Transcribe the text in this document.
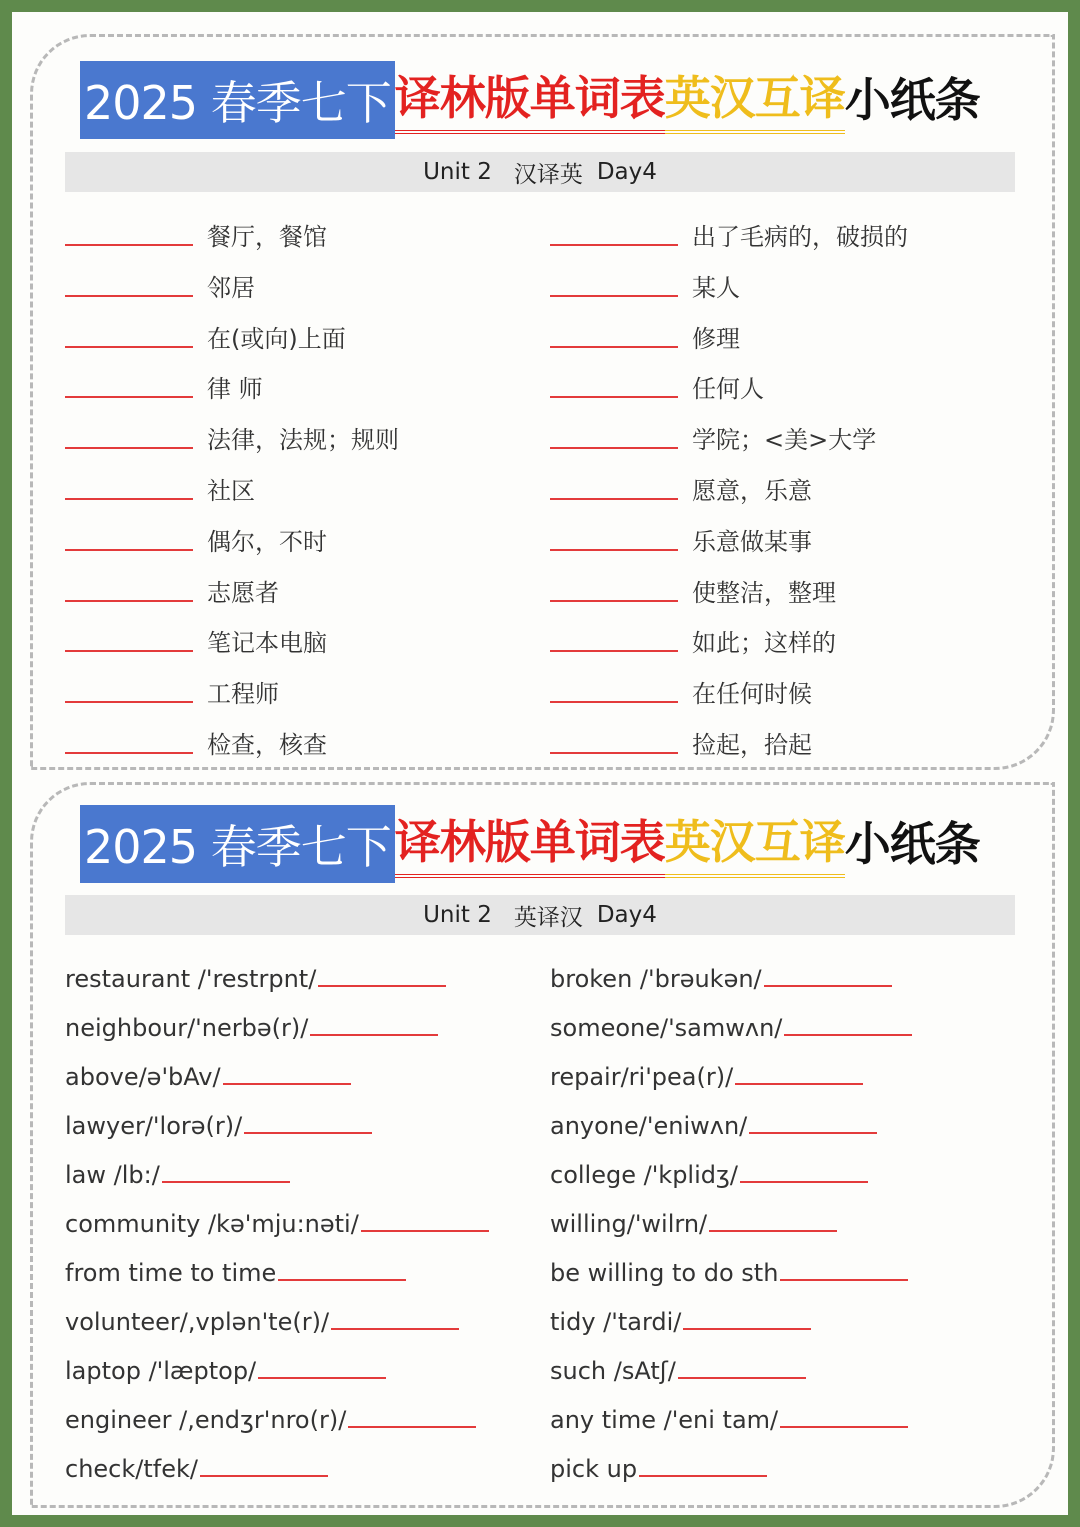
2025 春季七下 译林版单词表 英汉互译 小纸条
Unit 2 汉译英 Day4
餐厅，餐馆
邻居
在(或向)上面
律 师
法律，法规；规则
社区
偶尔，不时
志愿者
笔记本电脑
工程师
检查，核查
出了毛病的，破损的
某人
修理
任何人
学院；<美>大学
愿意，乐意
乐意做某事
使整洁，整理
如此；这样的
在任何时候
捡起，拾起
2025 春季七下 译林版单词表 英汉互译 小纸条
Unit 2 英译汉 Day4
restaurant /'restrpnt/
neighbour/'nerbə(r)/
above/ə'bAv/
lawyer/'lorə(r)/
law /lb:/
community /kə'mju:nəti/
from time to time
volunteer/,vplən'te(r)/
laptop /'læptop/
engineer /,endʒr'nro(r)/
check/tfek/
broken /'brəukən/
someone/'samwʌn/
repair/ri'pea(r)/
anyone/'eniwʌn/
college /'kplidʒ/
willing/'wilrn/
be willing to do sth
tidy /'tardi/
such /sAtʃ/
any time /'eni tam/
pick up
